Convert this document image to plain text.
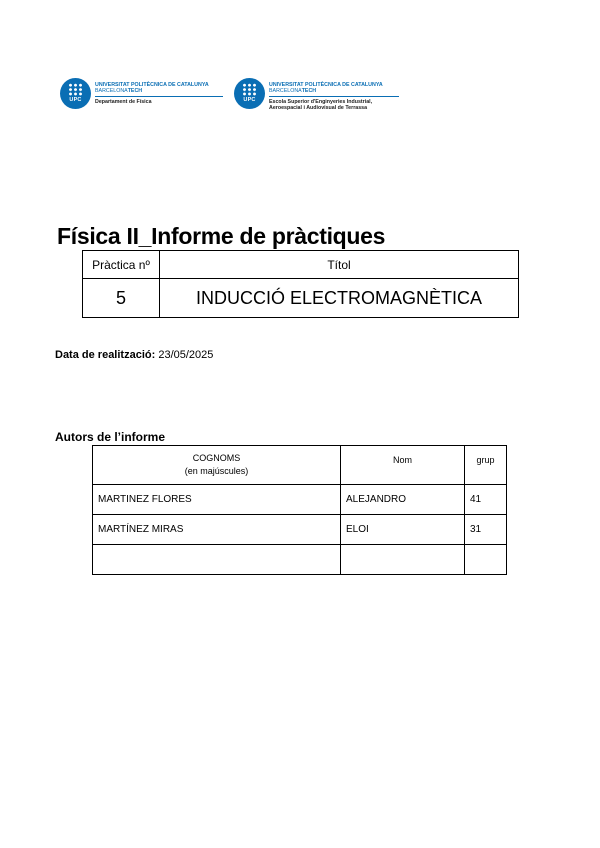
UPC
UNIVERSITAT POLITÈCNICA DE CATALUNYA
BARCELONATECH
Departament de Física	UPC
UNIVERSITAT POLITÈCNICA DE CATALUNYA
BARCELONATECH
Escola Superior d'Enginyeries Industrial,
Aeroespacial i Audiovisual de Terrassa
Física II_Informe de pràctiques
Pràctica nº	Títol
5	INDUCCIÓ ELECTROMAGNÈTICA
Data de realització: 23/05/2025
Autors de l’informe
COGNOMS
(en majúscules)	Nom	grup
MARTINEZ FLORES	ALEJANDRO	41
MARTÍNEZ MIRAS	ELOI	31
